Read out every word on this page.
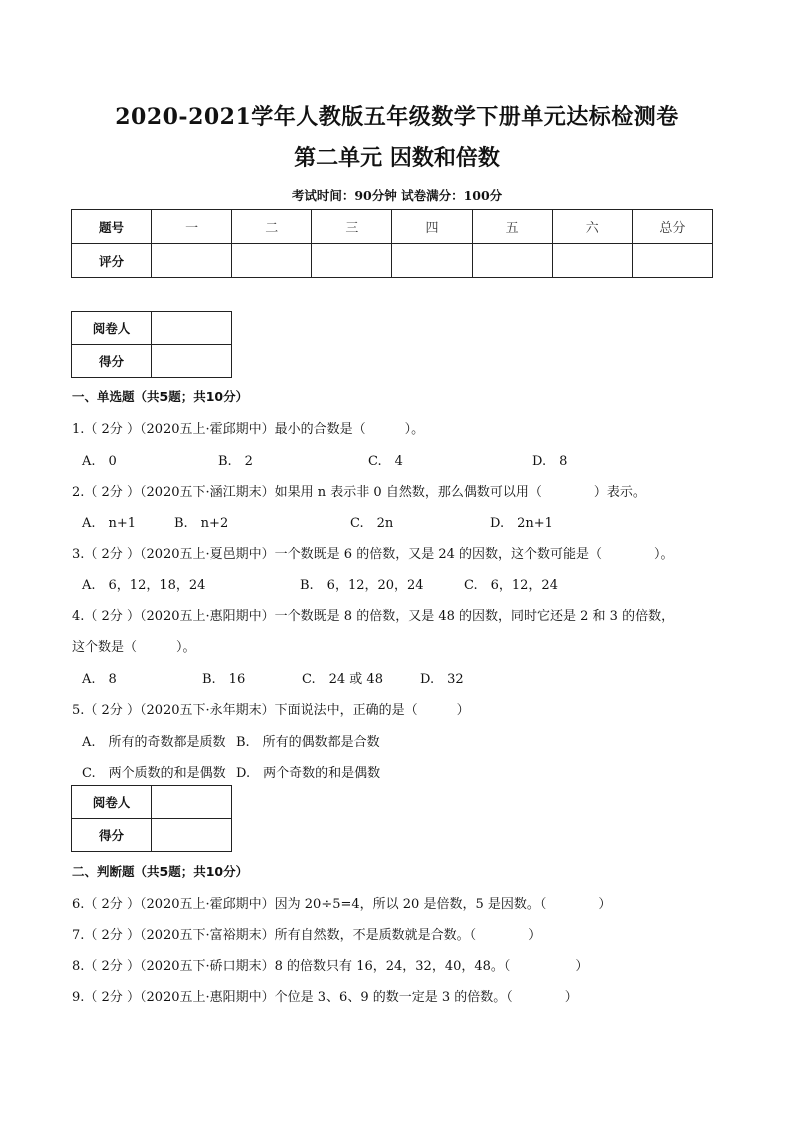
2020-2021学年人教版五年级数学下册单元达标检测卷
第二单元 因数和倍数
考试时间：90分钟 试卷满分：100分
题号	一	二	三	四	五	六	总分
评分							
阅卷人	
得分	
一、单选题（共5题；共10分）
1.（ 2分 ）（2020五上·霍邱期中）最小的合数是（　　　）。
A.　0	B.　2	C.　4	D.　8
2.（ 2分 ）（2020五下·涵江期末）如果用 n 表示非 0 自然数，那么偶数可以用（　　　　）表示。
A.　n+1	B.　n+2	C.　2n	D.　2n+1
3.（ 2分 ）（2020五上·夏邑期中）一个数既是 6 的倍数，又是 24 的因数，这个数可能是（　　　　）。
A.　6，12，18，24	B.　6，12，20，24	C.　6，12，24
4.（ 2分 ）（2020五上·惠阳期中）一个数既是 8 的倍数，又是 48 的因数，同时它还是 2 和 3 的倍数，
这个数是（　　　）。
A.　8	B.　16	C.　24 或 48	D.　32
5.（ 2分 ）（2020五下·永年期末）下面说法中，正确的是（　　　）
A.　所有的奇数都是质数 B.　所有的偶数都是合数
C.　两个质数的和是偶数 D.　两个奇数的和是偶数
阅卷人	
得分	
二、判断题（共5题；共10分）
6.（ 2分 ）（2020五上·霍邱期中）因为 20÷5=4，所以 20 是倍数，5 是因数。（　　　　）
7.（ 2分 ）（2020五下·富裕期末）所有自然数，不是质数就是合数。（　　　　）
8.（ 2分 ）（2020五下·硚口期末）8 的倍数只有 16，24，32，40，48。（　　　　　）
9.（ 2分 ）（2020五上·惠阳期中）个位是 3、6、9 的数一定是 3 的倍数。（　　　　）
